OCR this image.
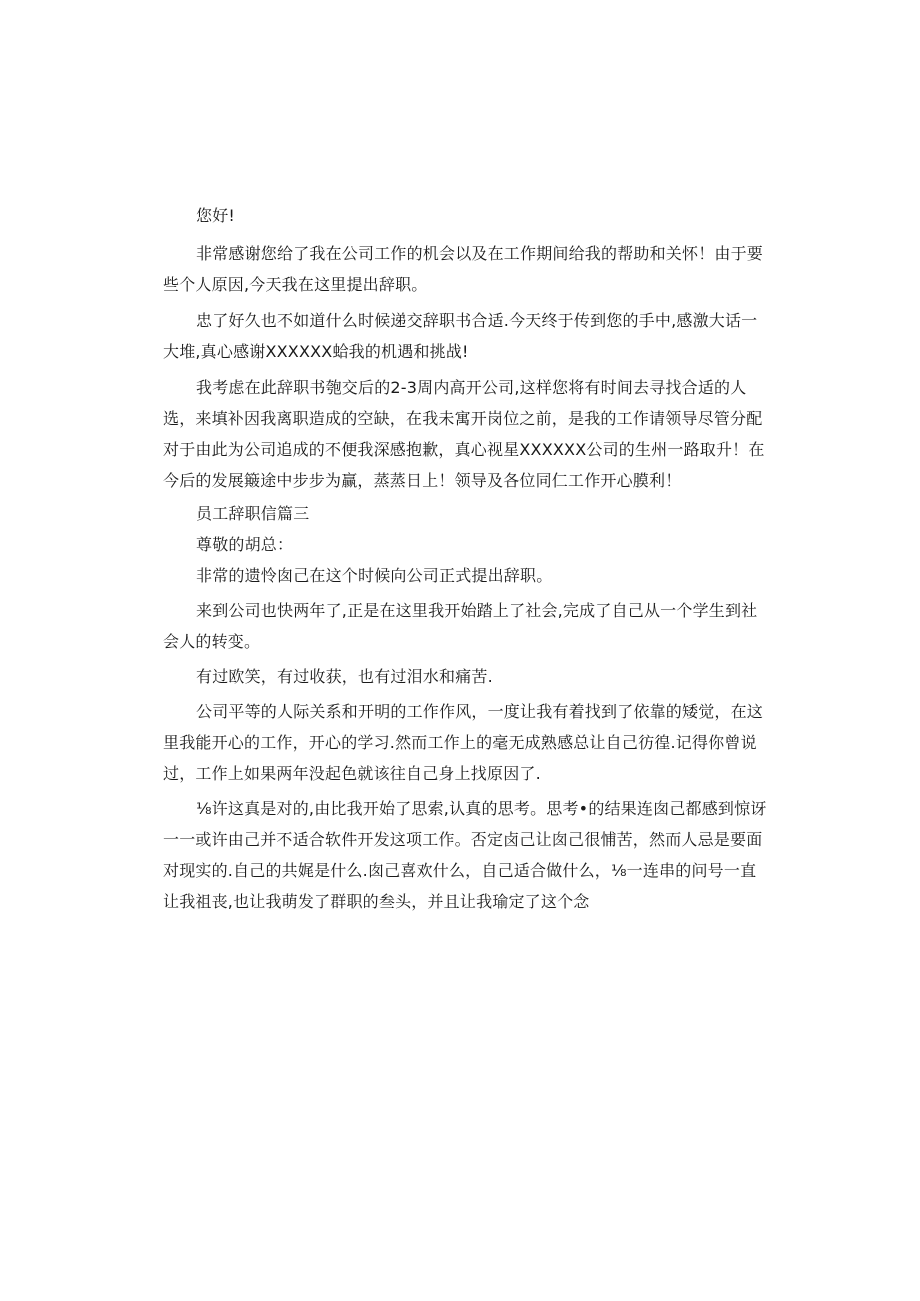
您好!

非常感谢您给了我在公司工作的机会以及在工作期间给我的帮助和关怀！由于要些个人原因,今天我在这里提出辞职。

忠了好久也不如道什么时候递交辞职书合适.今天终于传到您的手中,感激大话一大堆,真心感谢XXXXXX蛤我的机遇和挑战!

我考虑在此辞职书匏交后的2-3周内高开公司,这样您将有时间去寻找合适的人选，来填补因我离职造成的空缺，在我未寓开岗位之前，是我的工作请领导尽管分配对于由此为公司追成的不便我深感抱歉，真心视星XXXXXX公司的生州一路取升！在今后的发展簸途中步步为赢，蒸蒸日上！领导及各位同仁工作开心膜利！

员工辞职信篇三

尊敬的胡总：

非常的遗怜囱己在这个时候向公司正式提出辞职。

来到公司也快两年了,正是在这里我开始踏上了社会,完成了自己从一个学生到社会人的转变。

有过欧笑，有过收获，也有过泪水和痛苦.

公司平等的人际关系和开明的工作作风，一度让我有着找到了依靠的矮觉，在这里我能开心的工作，开心的学习.然而工作上的毫无成熟感总让自己彷徨.记得你曾说过，工作上如果两年没起色就该往自己身上找原因了.

⅛许这真是对的,由比我开始了思索,认真的思考。思考•的结果连囱己都感到惊讶一一或许由己并不适合软件开发这项工作。否定卤己让囱己很悑苦，然而人忌是要面对现实的.自己的共娓是什么.囱己喜欢什么，自己适合做什么，⅛一连串的问号一直让我祖丧,也让我萌发了群职的叁头，并且让我瑜定了这个念
